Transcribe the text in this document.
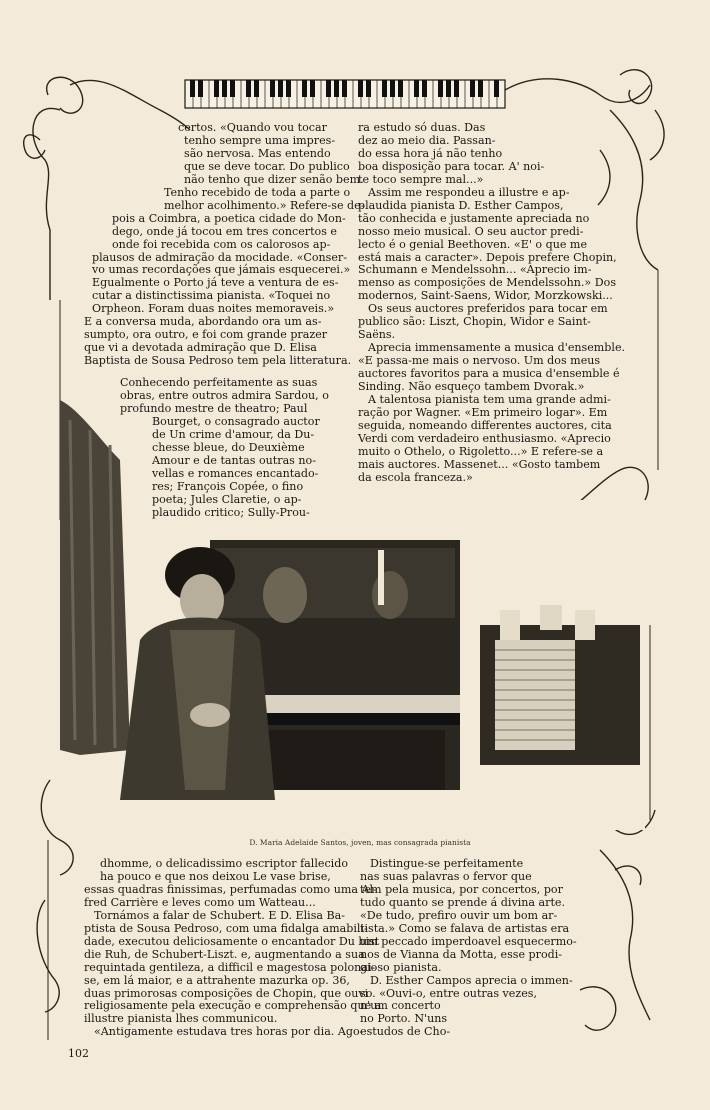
certos. «Quando vou tocar
tenho sempre uma impres-
são nervosa. Mas entendo
que se deve tocar. Do publico
não tenho que dizer senão bem.
Tenho recebido de toda a parte o
melhor acolhimento.» Refere-se de-
pois a Coimbra, a poetica cidade do Mon-
dego, onde já tocou em tres concertos e
onde foi recebida com os calorosos ap-
plausos de admiração da mocidade. «Conser-
vo umas recordações que jámais esquecerei.»
Egualmente o Porto já teve a ventura de es-
cutar a distinctissima pianista. «Toquei no
Orpheon. Foram duas noites memoraveis.»
E a conversa muda, abordando ora um as-
sumpto, ora outro, e foi com grande prazer
que vi a devotada admiração que D. Elisa
Baptista de Sousa Pedroso tem pela litteratura.
Conhecendo perfeitamente as suas
obras, entre outros admira Sardou, o
profundo mestre de theatro; Paul
Bourget, o consagrado auctor
de Un crime d'amour, da Du-
chesse bleue, do Deuxième
Amour e de tantas outras no-
vellas e romances encantado-
res; François Copée, o fino
poeta; Jules Claretie, o ap-
plaudido critico; Sully-Prou-
ra estudo só duas. Das
dez ao meio dia. Passan-
do essa hora já não tenho
boa disposição para tocar. A' noi-
te toco sempre mal...»
Assim me respondeu a illustre e ap-
plaudida pianista D. Esther Campos,
tão conhecida e justamente apreciada no
nosso meio musical. O seu auctor predi-
lecto é o genial Beethoven. «E' o que me
está mais a caracter». Depois prefere Chopin,
Schumann e Mendelssohn... «Aprecio im-
menso as composições de Mendelssohn.» Dos
modernos, Saint-Saens, Widor, Morzkowski...
Os seus auctores preferidos para tocar em
publico são: Liszt, Chopin, Widor e Saint-
Saëns.
Aprecia immensamente a musica d'ensemble.
«E passa-me mais o nervoso. Um dos meus
auctores favoritos para a musica d'ensemble é
Sinding. Não esqueço tambem Dvorak.»
A talentosa pianista tem uma grande admi-
ração por Wagner. «Em primeiro logar». Em
seguida, nomeando differentes auctores, cita
Verdi com verdadeiro enthusiasmo. «Aprecio
muito o Othelo, o Rigoletto...» E refere-se a
mais auctores. Massenet... «Gosto tambem
da escola franceza.»
D. Maria Adelaide Santos, joven, mas consagrada pianista
dhomme, o delicadissimo escriptor fallecido
ha pouco e que nos deixou Le vase brise,
essas quadras finissimas, perfumadas como uma Al-
fred Carrière e leves como um Watteau...
Tornámos a falar de Schubert. E D. Elisa Ba-
ptista de Sousa Pedroso, com uma fidalga amabili-
dade, executou deliciosamente o encantador Du bist
die Ruh, de Schubert-Liszt. e, augmentando a sua
requintada gentileza, a difficil e magestosa polonai-
se, em lá maior, e a attrahente mazurka op. 36,
duas primorosas composições de Chopin, que ouvi
religiosamente pela execução e comprehensão que a
illustre pianista lhes communicou.
«Antigamente estudava tres horas por dia. Ago-
Distingue-se perfeitamente
nas suas palavras o fervor que
tem pela musica, por concertos, por
tudo quanto se prende á divina arte.
«De tudo, prefiro ouvir um bom ar-
tista.» Como se falava de artistas era
um peccado imperdoavel esquecermo-
nos de Vianna da Motta, esse prodi-
gioso pianista.
D. Esther Campos aprecia o immen-
so. «Ouvi-o, entre outras vezes,
n'um concerto
no Porto. N'uns
estudos de Cho-
102
